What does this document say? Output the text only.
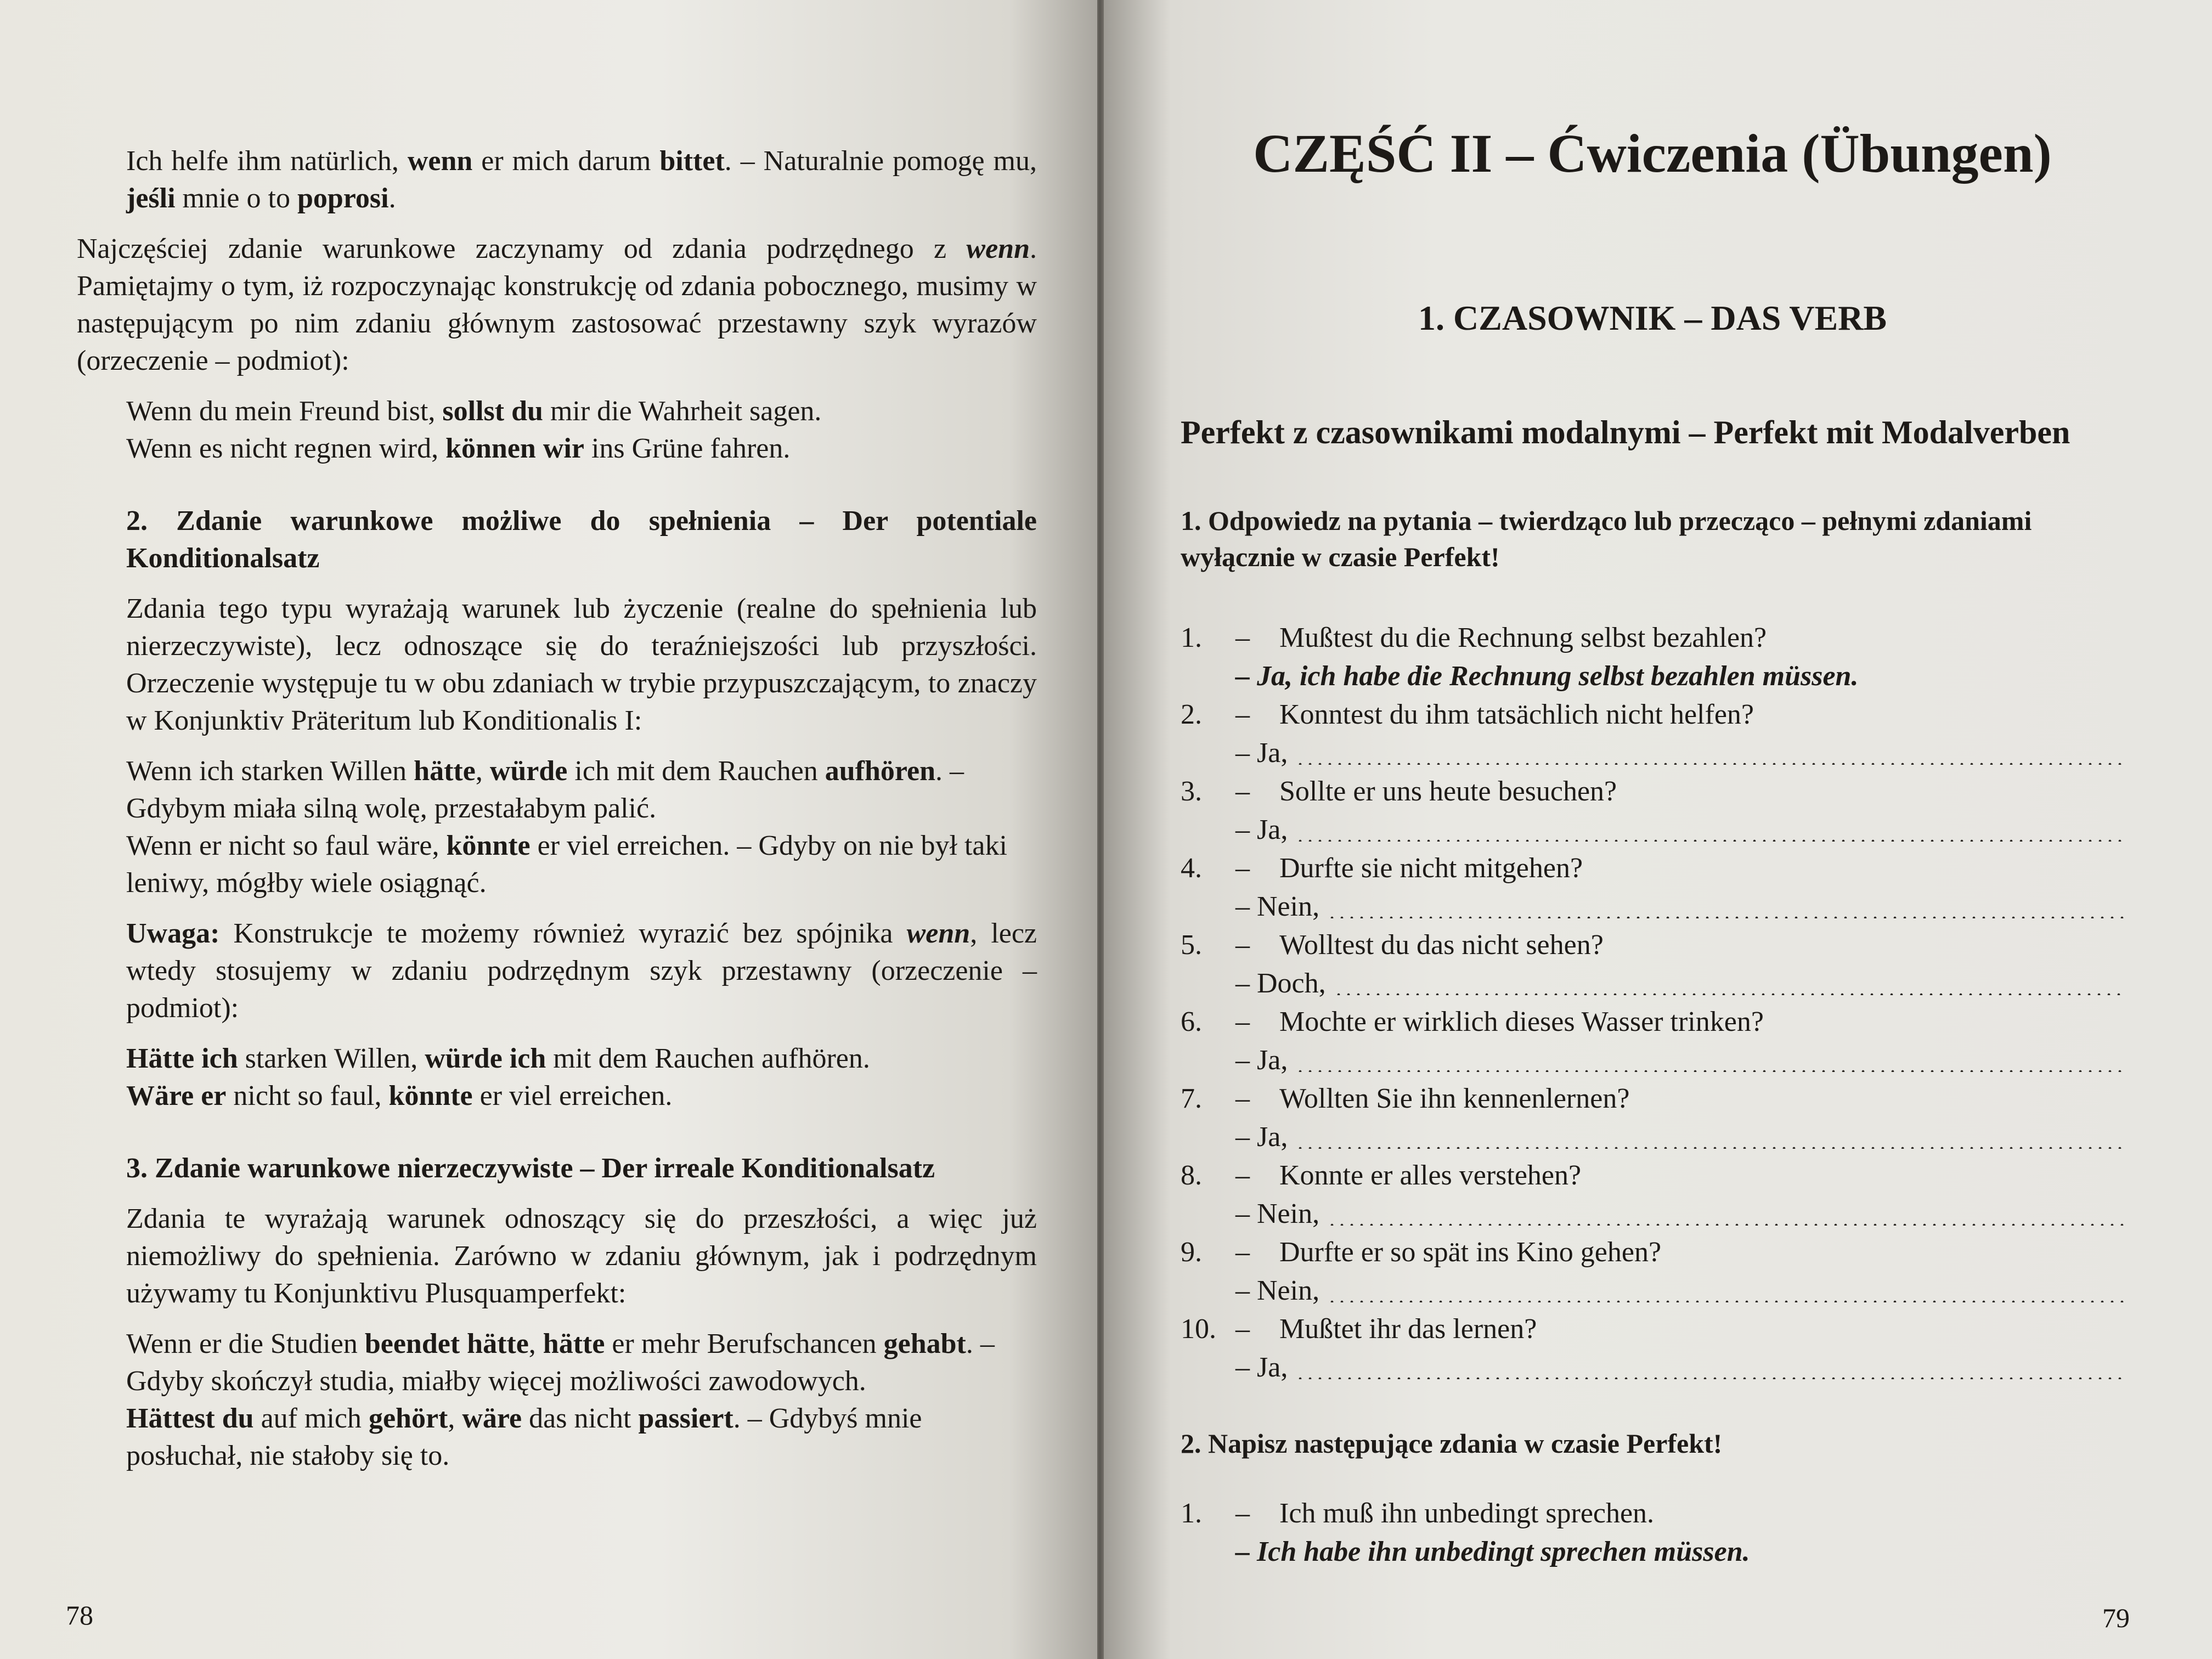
Ich helfe ihm natürlich, wenn er mich darum bittet. – Naturalnie pomogę mu, jeśli mnie o to poprosi.

Najczęściej zdanie warunkowe zaczynamy od zdania podrzędnego z wenn. Pamiętajmy o tym, iż rozpoczynając konstrukcję od zdania pobocznego, musimy w następującym po nim zdaniu głównym zastosować przestawny szyk wyrazów (orzeczenie – podmiot):

Wenn du mein Freund bist, sollst du mir die Wahrheit sagen.
Wenn es nicht regnen wird, können wir ins Grüne fahren.

2. Zdanie warunkowe możliwe do spełnienia – Der potentiale Konditionalsatz

Zdania tego typu wyrażają warunek lub życzenie (realne do spełnienia lub nierzeczywiste), lecz odnoszące się do teraźniejszości lub przyszłości. Orzeczenie występuje tu w obu zdaniach w trybie przypuszczającym, to znaczy w Konjunktiv Präteritum lub Konditionalis I:

Wenn ich starken Willen hätte, würde ich mit dem Rauchen aufhören. – Gdybym miała silną wolę, przestałabym palić.
Wenn er nicht so faul wäre, könnte er viel erreichen. – Gdyby on nie był taki leniwy, mógłby wiele osiągnąć.

Uwaga: Konstrukcje te możemy również wyrazić bez spójnika wenn, lecz wtedy stosujemy w zdaniu podrzędnym szyk przestawny (orzeczenie – podmiot):

Hätte ich starken Willen, würde ich mit dem Rauchen aufhören.
Wäre er nicht so faul, könnte er viel erreichen.

3. Zdanie warunkowe nierzeczywiste – Der irreale Konditionalsatz

Zdania te wyrażają warunek odnoszący się do przeszłości, a więc już niemożliwy do spełnienia. Zarówno w zdaniu głównym, jak i podrzędnym używamy tu Konjunktivu Plusquamperfekt:

Wenn er die Studien beendet hätte, hätte er mehr Berufschancen gehabt. – Gdyby skończył studia, miałby więcej możliwości zawodowych.
Hättest du auf mich gehört, wäre das nicht passiert. – Gdybyś mnie posłuchał, nie stałoby się to.
78
CZĘŚĆ II – Ćwiczenia (Übungen)
1. CZASOWNIK – DAS VERB
Perfekt z czasownikami modalnymi – Perfekt mit Modalverben
1. Odpowiedz na pytania – twierdząco lub przecząco – pełnymi zdaniami wyłącznie w czasie Perfekt!
1.	–	Mußtest du die Rechnung selbst bezahlen?
– Ja, ich habe die Rechnung selbst bezahlen müssen.
2.	–	Konntest du ihm tatsächlich nicht helfen?
– Ja,
3.	–	Sollte er uns heute besuchen?
– Ja,
4.	–	Durfte sie nicht mitgehen?
– Nein,
5.	–	Wolltest du das nicht sehen?
– Doch,
6.	–	Mochte er wirklich dieses Wasser trinken?
– Ja,
7.	–	Wollten Sie ihn kennenlernen?
– Ja,
8.	–	Konnte er alles verstehen?
– Nein,
9.	–	Durfte er so spät ins Kino gehen?
– Nein,
10. –	Mußtet ihr das lernen?
– Ja,
2. Napisz następujące zdania w czasie Perfekt!
1.	–	Ich muß ihn unbedingt sprechen.
– Ich habe ihn unbedingt sprechen müssen.
79
